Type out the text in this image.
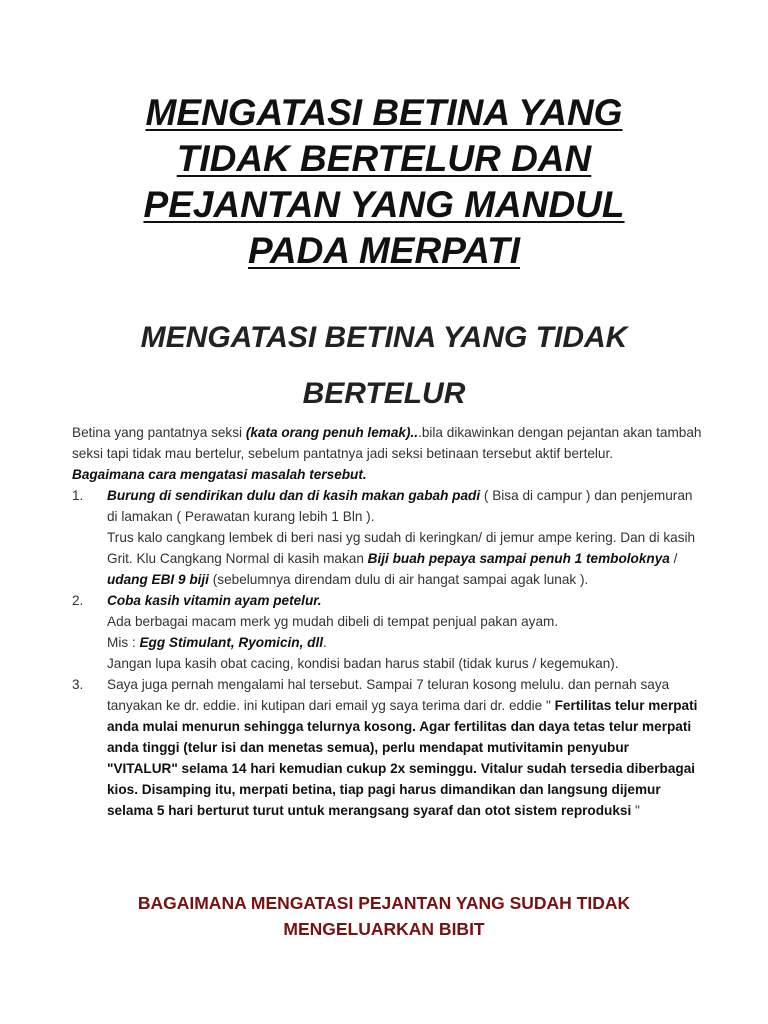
MENGATASI BETINA YANG
TIDAK BERTELUR DAN
PEJANTAN YANG MANDUL
PADA MERPATI
MENGATASI BETINA YANG TIDAK
BERTELUR

Betina yang pantatnya seksi (kata orang penuh lemak)...bila dikawinkan dengan pejantan akan tambah seksi tapi tidak mau bertelur, sebelum pantatnya jadi seksi betinaan tersebut aktif bertelur.

Bagaimana cara mengatasi masalah tersebut.

1. Burung di sendirikan dulu dan di kasih makan gabah padi ( Bisa di campur ) dan penjemuran di lamakan ( Perawatan kurang lebih 1 Bln ).

Trus kalo cangkang lembek di beri nasi yg sudah di keringkan/ di jemur ampe kering. Dan di kasih Grit. Klu Cangkang Normal di kasih makan Biji buah pepaya sampai penuh 1 temboloknya / udang EBI 9 biji (sebelumnya direndam dulu di air hangat sampai agak lunak ).

2. Coba kasih vitamin ayam petelur.

Ada berbagai macam merk yg mudah dibeli di tempat penjual pakan ayam.

Mis : Egg Stimulant, Ryomicin, dll.

Jangan lupa kasih obat cacing, kondisi badan harus stabil (tidak kurus / kegemukan).

3. Saya juga pernah mengalami hal tersebut. Sampai 7 teluran kosong melulu. dan pernah saya tanyakan ke dr. eddie. ini kutipan dari email yg saya terima dari dr. eddie " Fertilitas telur merpati anda mulai menurun sehingga telurnya kosong. Agar fertilitas dan daya tetas telur merpati anda tinggi (telur isi dan menetas semua), perlu mendapat mutivitamin penyubur "VITALUR" selama 14 hari kemudian cukup 2x seminggu. Vitalur sudah tersedia diberbagai kios. Disamping itu, merpati betina, tiap pagi harus dimandikan dan langsung dijemur selama 5 hari berturut turut untuk merangsang syaraf dan otot sistem reproduksi "

BAGAIMANA MENGATASI PEJANTAN YANG SUDAH TIDAK
MENGELUARKAN BIBIT
